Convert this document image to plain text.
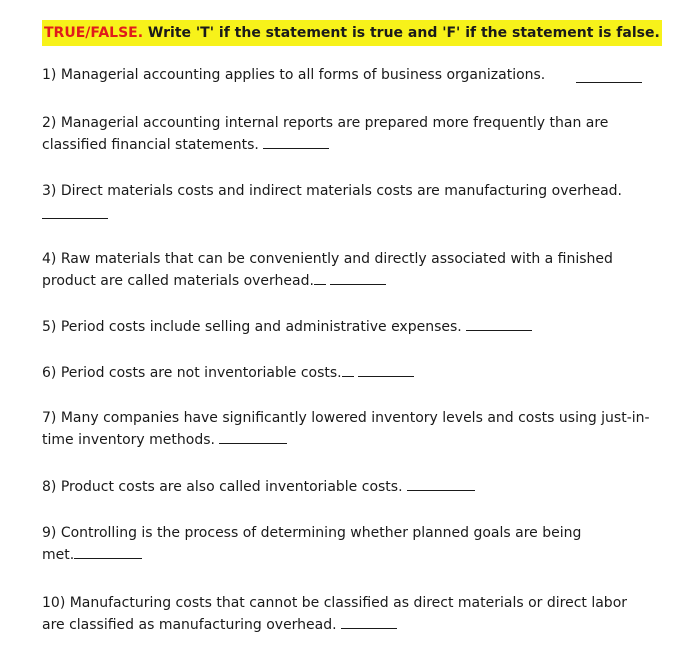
TRUE/FALSE. Write 'T' if the statement is true and 'F' if the statement is false.
1) Managerial accounting applies to all forms of business organizations.
2) Managerial accounting internal reports are prepared more frequently than are classified financial statements.
3) Direct materials costs and indirect materials costs are manufacturing overhead.
4) Raw materials that can be conveniently and directly associated with a finished product are called materials overhead.
5) Period costs include selling and administrative expenses.
6) Period costs are not inventoriable costs.
7) Many companies have significantly lowered inventory levels and costs using just-in-time inventory methods.
8) Product costs are also called inventoriable costs.
9) Controlling is the process of determining whether planned goals are being met.
10) Manufacturing costs that cannot be classified as direct materials or direct labor are classified as manufacturing overhead.
